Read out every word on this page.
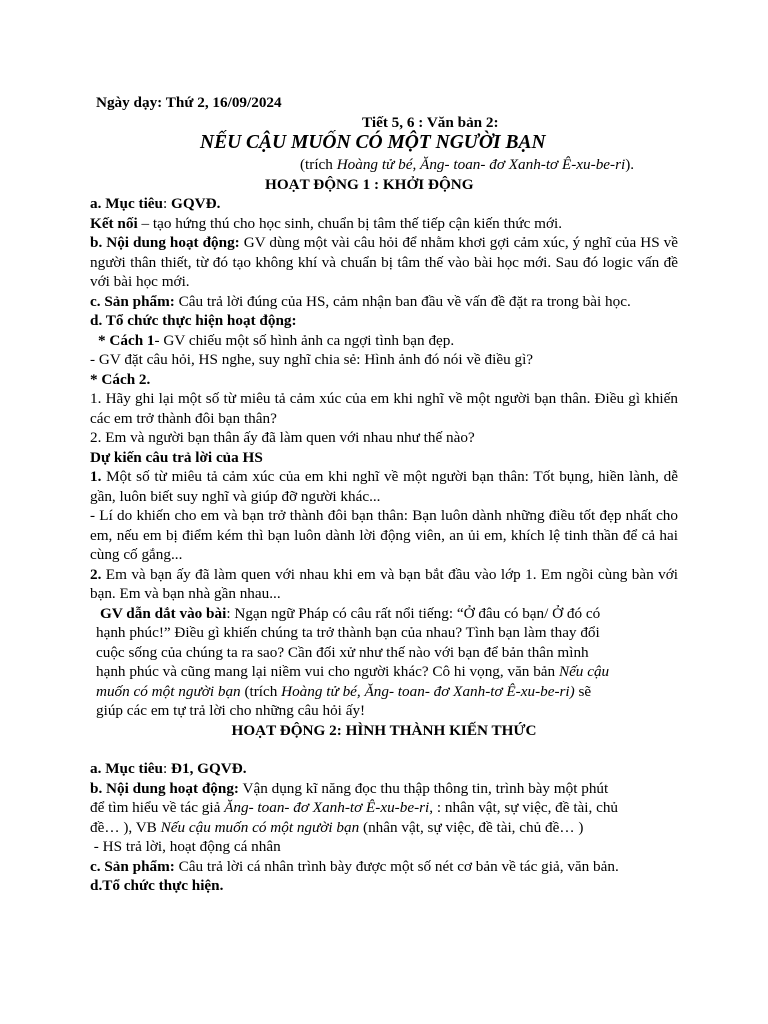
Ngày dạy: Thứ 2, 16/09/2024

Tiết 5, 6 : Văn bản 2:

NẾU CẬU MUỐN CÓ MỘT NGƯỜI BẠN

(trích Hoàng tử bé, Ăng- toan- đơ Xanh-tơ Ê-xu-be-ri).

HOẠT ĐỘNG 1 : KHỞI ĐỘNG

a. Mục tiêu: GQVĐ.

Kết nối – tạo hứng thú cho học sinh, chuẩn bị tâm thế tiếp cận kiến thức mới.

b. Nội dung hoạt động: GV dùng một vài câu hỏi để nhằm khơi gợi cảm xúc, ý nghĩ của HS về người thân thiết, từ đó tạo không khí và chuẩn bị tâm thế vào bài học mới. Sau đó logic vấn đề với bài học mới.

c. Sản phẩm: Câu trả lời đúng của HS, cảm nhận ban đầu về vấn đề đặt ra trong bài học.

d. Tổ chức thực hiện hoạt động:

* Cách 1- GV chiếu một số hình ảnh ca ngợi tình bạn đẹp.

- GV đặt câu hỏi, HS nghe, suy nghĩ chia sẻ: Hình ảnh đó nói về điều gì?

* Cách 2.

1. Hãy ghi lại một số từ miêu tả cảm xúc của em khi nghĩ về một người bạn thân. Điều gì khiến các em trở thành đôi bạn thân?

2. Em và người bạn thân ấy đã làm quen với nhau như thế nào?

Dự kiến câu trả lời của HS

1. Một số từ miêu tả cảm xúc của em khi nghĩ về một người bạn thân: Tốt bụng, hiền lành, dễ gần, luôn biết suy nghĩ và giúp đỡ người khác...

- Lí do khiến cho em và bạn trở thành đôi bạn thân: Bạn luôn dành những điều tốt đẹp nhất cho em, nếu em bị điểm kém thì bạn luôn dành lời động viên, an ủi em, khích lệ tinh thần để cả hai cùng cố gắng...

2. Em và bạn ấy đã làm quen với nhau khi em và bạn bắt đầu vào lớp 1. Em ngồi cùng bàn với bạn. Em và bạn nhà gần nhau...

GV dẫn dắt vào bài: Ngạn ngữ Pháp có câu rất nổi tiếng: “Ở đâu có bạn/ Ở đó có

hạnh phúc!” Điều gì khiến chúng ta trở thành bạn của nhau? Tình bạn làm thay đổi

cuộc sống của chúng ta ra sao? Cần đối xử như thế nào với bạn để bản thân mình

hạnh phúc và cũng mang lại niềm vui cho người khác? Cô hi vọng, văn bản Nếu cậu

muốn có một người bạn (trích Hoàng tử bé, Ăng- toan- đơ Xanh-tơ Ê-xu-be-ri) sẽ

giúp các em tự trả lời cho những câu hỏi ấy!

HOẠT ĐỘNG 2: HÌNH THÀNH KIẾN THỨC

a. Mục tiêu: Đ1, GQVĐ.

b. Nội dung hoạt động: Vận dụng kĩ năng đọc thu thập thông tin, trình bày một phút

để tìm hiểu về tác giả Ăng- toan- đơ Xanh-tơ Ê-xu-be-ri, : nhân vật, sự việc, đề tài, chủ

đề… ), VB Nếu cậu muốn có một người bạn (nhân vật, sự việc, đề tài, chủ đề… )

- HS trả lời, hoạt động cá nhân

c. Sản phẩm: Câu trả lời cá nhân trình bày được một số nét cơ bản về tác giả, văn bản.

d.Tổ chức thực hiện.
